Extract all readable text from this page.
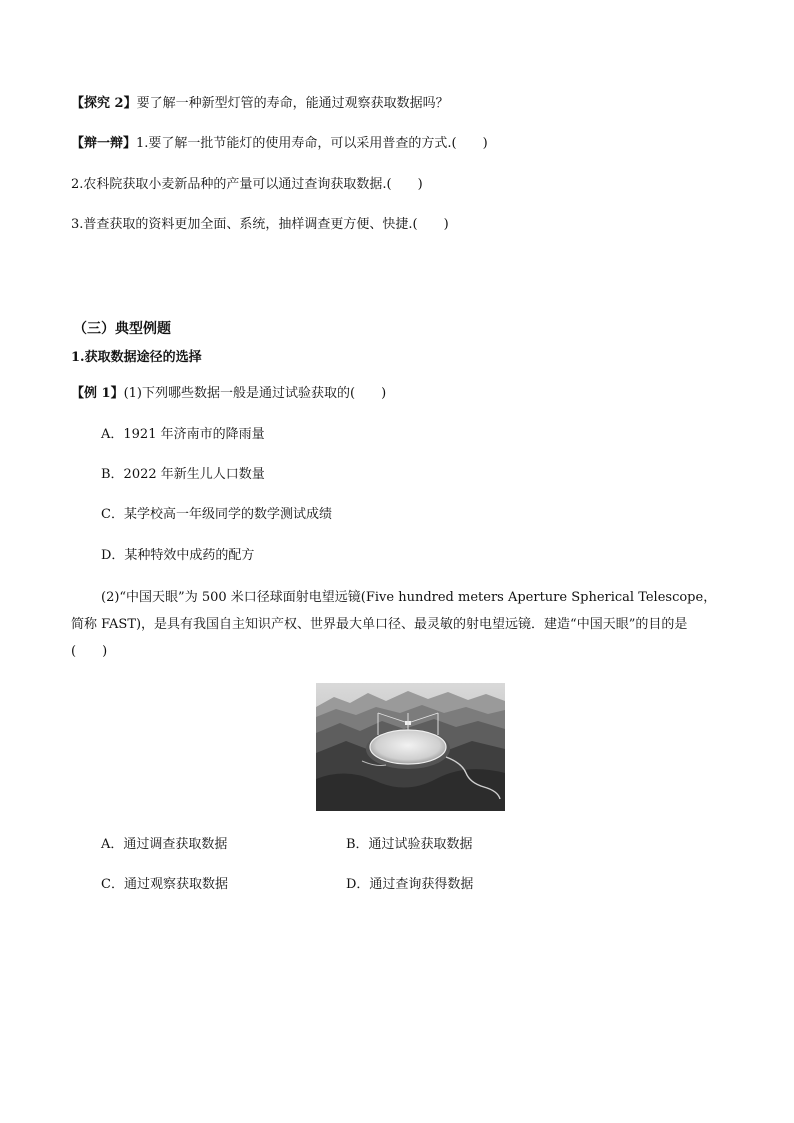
【探究 2】要了解一种新型灯管的寿命，能通过观察获取数据吗？
【辩一辩】1.要了解一批节能灯的使用寿命，可以采用普查的方式.(　　)
2.农科院获取小麦新品种的产量可以通过查询获取数据.(　　)
3.普查获取的资料更加全面、系统，抽样调查更方便、快捷.(　　)
（三）典型例题
1.获取数据途径的选择
【例 1】(1)下列哪些数据一般是通过试验获取的(　　)
A．1921 年济南市的降雨量
B．2022 年新生儿人口数量
C．某学校高一年级同学的数学测试成绩
D．某种特效中成药的配方
(2)“中国天眼”为 500 米口径球面射电望远镜(Five hundred meters Aperture Spherical Telescope，简称 FAST)，是具有我国自主知识产权、世界最大单口径、最灵敏的射电望远镜．建造“中国天眼”的目的是(　　)
A．通过调查获取数据	B．通过试验获取数据
C．通过观察获取数据	D．通过查询获得数据
